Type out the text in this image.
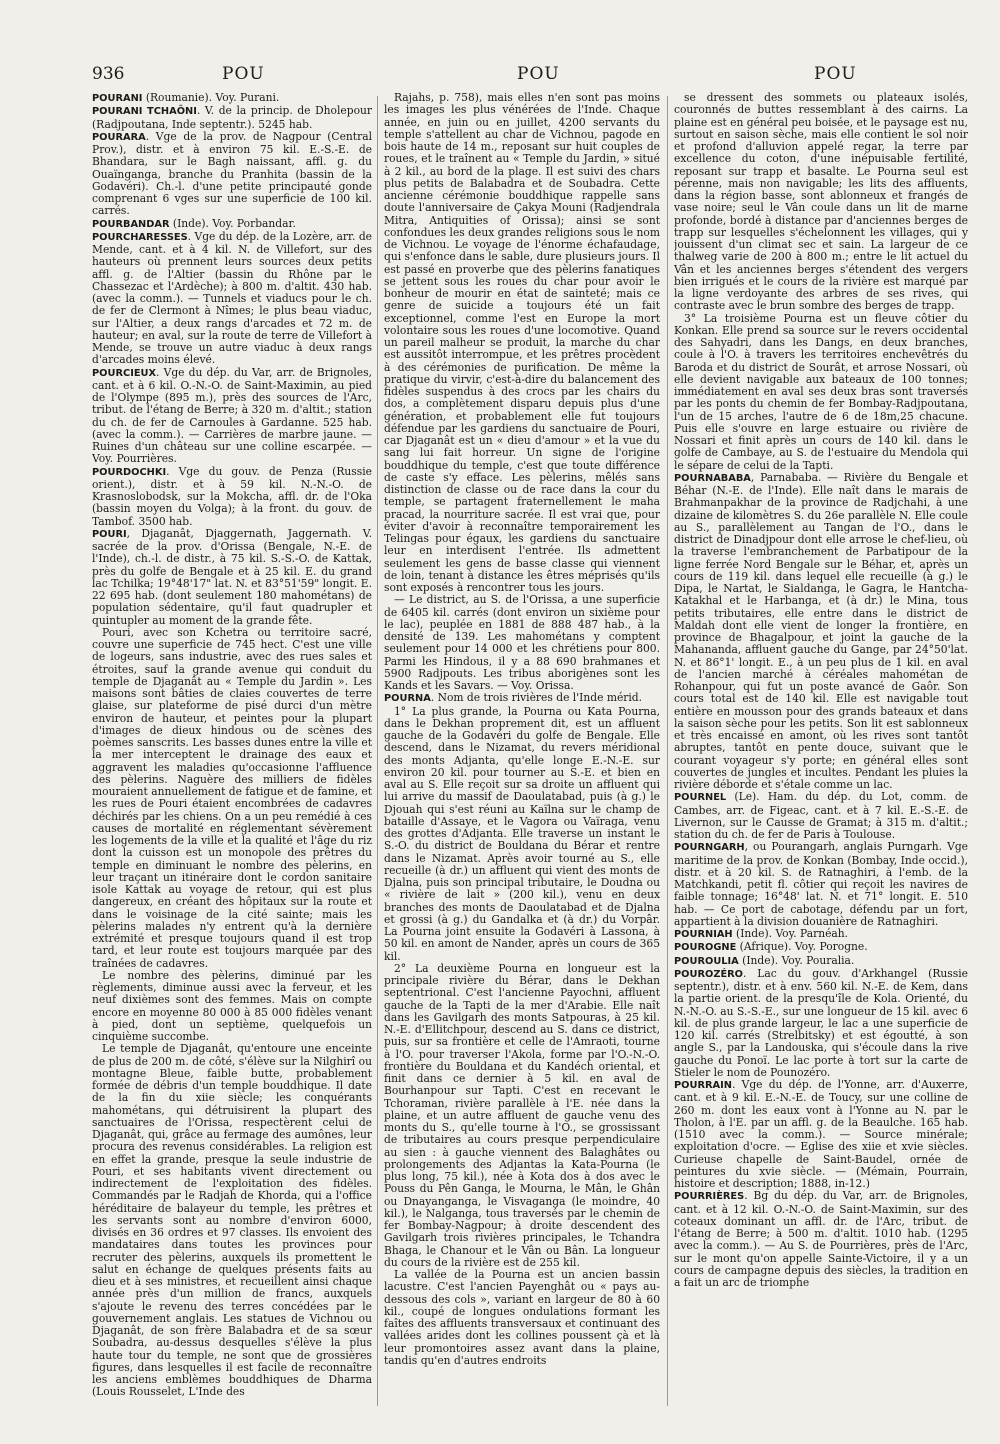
936	POU	POU	POU

POURANI (Roumanie). Voy. Purani.

POURANI TCHAÔNI. V. de la princip. de Dholepour (Radjpoutana, Inde septentr.). 5245 hab.

POURARA. Vge de la prov. de Nagpour (Central Prov.), distr. et à environ 75 kil. E.-S.-E. de Bhandara, sur le Bagh naissant, affl. g. du Ouaïnganga, branche du Pranhita (bassin de la Godavéri). Ch.-l. d'une petite principauté gonde comprenant 6 vges sur une superficie de 100 kil. carrés.

POURBANDAR (Inde). Voy. Porbandar.

POURCHARESSES. Vge du dép. de la Lozère, arr. de Mende, cant. et à 4 kil. N. de Villefort, sur des hauteurs où prennent leurs sources deux petits affl. g. de l'Altier (bassin du Rhône par le Chassezac et l'Ardèche); à 800 m. d'altit. 430 hab. (avec la comm.). — Tunnels et viaducs pour le ch. de fer de Clermont à Nîmes; le plus beau viaduc, sur l'Altier, a deux rangs d'arcades et 72 m. de hauteur; en aval, sur la route de terre de Villefort à Mende, se trouve un autre viaduc à deux rangs d'arcades moins élevé.

POURCIEUX. Vge du dép. du Var, arr. de Brignoles, cant. et à 6 kil. O.-N.-O. de Saint-Maximin, au pied de l'Olympe (895 m.), près des sources de l'Arc, tribut. de l'étang de Berre; à 320 m. d'altit.; station du ch. de fer de Carnoules à Gardanne. 525 hab. (avec la comm.). — Carrières de marbre jaune. — Ruines d'un château sur une colline escarpée. — Voy. Pourrières.

POURDOCHKI. Vge du gouv. de Penza (Russie orient.), distr. et à 59 kil. N.-N.-O. de Krasnoslobodsk, sur la Mokcha, affl. dr. de l'Oka (bassin moyen du Volga); à la front. du gouv. de Tambof. 3500 hab.

POURI, Djaganât, Djaggernath, Jaggernath. V. sacrée de la prov. d'Orissa (Bengale, N.-E. de l'Inde), ch.-l. de distr., à 75 kil. S.-S.-O. de Kattak, près du golfe de Bengale et à 25 kil. E. du grand lac Tchilka; 19°48'17" lat. N. et 83°51'59" longit. E. 22 695 hab. (dont seulement 180 mahométans) de population sédentaire, qu'il faut quadrupler et quintupler au moment de la grande fête.

Pouri, avec son Kchetra ou territoire sacré, couvre une superficie de 745 hect. C'est une ville de logeurs, sans industrie, avec des rues sales et étroites, sauf la grande avenue qui conduit du temple de Djaganât au « Temple du Jardin ». Les maisons sont bâties de claies couvertes de terre glaise, sur plateforme de pisé durci d'un mètre environ de hauteur, et peintes pour la plupart d'images de dieux hindous ou de scènes des poèmes sanscrits. Les basses dunes entre la ville et la mer interceptent le drainage des eaux et aggravent les maladies qu'occasionne l'affluence des pèlerins. Naguère des milliers de fidèles mouraient annuellement de fatigue et de famine, et les rues de Pouri étaient encombrées de cadavres déchirés par les chiens. On a un peu remédié à ces causes de mortalité en réglementant sévèrement les logements de la ville et la qualité et l'âge du riz dont la cuisson est un monopole des prêtres du temple en diminuant le nombre des pèlerins, en leur traçant un itinéraire dont le cordon sanitaire isole Kattak au voyage de retour, qui est plus dangereux, en créant des hôpitaux sur la route et dans le voisinage de la cité sainte; mais les pèlerins malades n'y entrent qu'à la dernière extrémité et presque toujours quand il est trop tard, et leur route est toujours marquée par des traînées de cadavres.

Le nombre des pèlerins, diminué par les règlements, diminue aussi avec la ferveur, et les neuf dixièmes sont des femmes. Mais on compte encore en moyenne 80 000 à 85 000 fidèles venant à pied, dont un septième, quelquefois un cinquième succombe.

Le temple de Djaganât, qu'entoure une enceinte de plus de 200 m. de côté, s'élève sur la Nilghirî ou montagne Bleue, faible butte, probablement formée de débris d'un temple bouddhique. Il date de la fin du xiie siècle; les conquérants mahométans, qui détruisirent la plupart des sanctuaires de l'Orissa, respectèrent celui de Djaganât, qui, grâce au fermage des aumônes, leur procura des revenus considérables. La religion est en effet la grande, presque la seule industrie de Pouri, et ses habitants vivent directement ou indirectement de l'exploitation des fidèles. Commandés par le Radjah de Khorda, qui a l'office héréditaire de balayeur du temple, les prêtres et les servants sont au nombre d'environ 6000, divisés en 36 ordres et 97 classes. Ils envoient des mandataires dans toutes les provinces pour recruter des pèlerins, auxquels ils promettent le salut en échange de quelques présents faits au dieu et à ses ministres, et recueillent ainsi chaque année près d'un million de francs, auxquels s'ajoute le revenu des terres concédées par le gouvernement anglais. Les statues de Vichnou ou Djaganât, de son frère Balabadra et de sa sœur Soubadra, au-dessus desquelles s'élève la plus haute tour du temple, ne sont que de grossières figures, dans lesquelles il est facile de reconnaître les anciens emblèmes bouddhiques de Dharma (Louis Rousselet, L'Inde des

Rajahs, p. 758), mais elles n'en sont pas moins les images les plus vénérées de l'Inde. Chaque année, en juin ou en juillet, 4200 servants du temple s'attellent au char de Vichnou, pagode en bois haute de 14 m., reposant sur huit couples de roues, et le traînent au « Temple du Jardin, » situé à 2 kil., au bord de la plage. Il est suivi des chars plus petits de Balabadra et de Soubadra. Cette ancienne cérémonie bouddhique rappelle sans doute l'anniversaire de Çakya Mouni (Radjendrala Mitra, Antiquities of Orissa); ainsi se sont confondues les deux grandes religions sous le nom de Vichnou. Le voyage de l'énorme échafaudage, qui s'enfonce dans le sable, dure plusieurs jours. Il est passé en proverbe que des pèlerins fanatiques se jettent sous les roues du char pour avoir le bonheur de mourir en état de sainteté; mais ce genre de suicide a toujours été un fait exceptionnel, comme l'est en Europe la mort volontaire sous les roues d'une locomotive. Quand un pareil malheur se produit, la marche du char est aussitôt interrompue, et les prêtres procèdent à des cérémonies de purification. De même la pratique du virvir, c'est-à-dire du balancement des fidèles suspendus à des crocs par les chairs du dos, a complètement disparu depuis plus d'une génération, et probablement elle fut toujours défendue par les gardiens du sanctuaire de Pouri, car Djaganât est un « dieu d'amour » et la vue du sang lui fait horreur. Un signe de l'origine bouddhique du temple, c'est que toute différence de caste s'y efface. Les pèlerins, mêlés sans distinction de classe ou de race dans la cour du temple, se partagent fraternellement le maha pracad, la nourriture sacrée. Il est vrai que, pour éviter d'avoir à reconnaître temporairement les Telingas pour égaux, les gardiens du sanctuaire leur en interdisent l'entrée. Ils admettent seulement les gens de basse classe qui viennent de loin, tenant à distance les êtres méprisés qu'ils sont exposés à rencontrer tous les jours.

— Le district, au S. de l'Orissa, a une superficie de 6405 kil. carrés (dont environ un sixième pour le lac), peuplée en 1881 de 888 487 hab., à la densité de 139. Les mahométans y comptent seulement pour 14 000 et les chrétiens pour 800. Parmi les Hindous, il y a 88 690 brahmanes et 5900 Radjpouts. Les tribus aborigènes sont les Kands et les Savars. — Voy. Orissa.

POURNA. Nom de trois rivières de l'Inde mérid.

1° La plus grande, la Pourna ou Kata Pourna, dans le Dekhan proprement dit, est un affluent gauche de la Godavéri du golfe de Bengale. Elle descend, dans le Nizamat, du revers méridional des monts Adjanta, qu'elle longe E.-N.-E. sur environ 20 kil. pour tourner au S.-E. et bien en aval au S. Elle reçoit sur sa droite un affluent qui lui arrive du massif de Daoulatabad, puis (à g.) le Djouah qui s'est réuni au Kaïlna sur le champ de bataille d'Assaye, et le Vagora ou Vaïraga, venu des grottes d'Adjanta. Elle traverse un instant le S.-O. du district de Bouldana du Bérar et rentre dans le Nizamat. Après avoir tourné au S., elle recueille (à dr.) un affluent qui vient des monts de Djalna, puis son principal tributaire, le Doudna ou « rivière de lait » (200 kil.), venu en deux branches des monts de Daoulatabad et de Djalna et grossi (à g.) du Gandalka et (à dr.) du Vorpâr. La Pourna joint ensuite la Godavéri à Lassona, à 50 kil. en amont de Nander, après un cours de 365 kil.

2° La deuxième Pourna en longueur est la principale rivière du Bérar, dans le Dekhan septentrional. C'est l'ancienne Payochni, affluent gauche de la Tapti de la mer d'Arabie. Elle naît dans les Gavilgarh des monts Satpouras, à 25 kil. N.-E. d'Ellitchpour, descend au S. dans ce district, puis, sur sa frontière et celle de l'Amraoti, tourne à l'O. pour traverser l'Akola, forme par l'O.-N.-O. frontière du Bouldana et du Kandéch oriental, et finit dans ce dernier à 5 kil. en aval de Bourhanpour sur Tapti. C'est en recevant le Tchoraman, rivière parallèle à l'E. née dans la plaine, et un autre affluent de gauche venu des monts du S., qu'elle tourne à l'O., se grossissant de tributaires au cours presque perpendiculaire au sien : à gauche viennent des Balaghâtes ou prolongements des Adjantas la Kata-Pourna (le plus long, 75 kil.), née à Kota dos à dos avec le Pouss du Pên Ganga, le Mourna, le Mân, le Ghân ou Dnayanganga, le Visvaganga (le moindre, 40 kil.), le Nalganga, tous traversés par le chemin de fer Bombay-Nagpour; à droite descendent des Gavilgarh trois rivières principales, le Tchandra Bhaga, le Chanour et le Vân ou Bân. La longueur du cours de la rivière est de 255 kil.

La vallée de la Pourna est un ancien bassin lacustre. C'est l'ancien Payenghât ou « pays au-dessous des cols », variant en largeur de 80 à 60 kil., coupé de longues ondulations formant les faîtes des affluents transversaux et continuant des vallées arides dont les collines poussent çà et là leur promontoires assez avant dans la plaine, tandis qu'en d'autres endroits

se dressent des sommets ou plateaux isolés, couronnés de buttes ressemblant à des cairns. La plaine est en général peu boisée, et le paysage est nu, surtout en saison sèche, mais elle contient le sol noir et profond d'alluvion appelé regar, la terre par excellence du coton, d'une inépuisable fertilité, reposant sur trapp et basalte. Le Pourna seul est pérenne, mais non navigable; les lits des affluents, dans la région basse, sont ablonneux et frangés de vase noire; seul le Vân coule dans un lit de marne profonde, bordé à distance par d'anciennes berges de trapp sur lesquelles s'échelonnent les villages, qui y jouissent d'un climat sec et sain. La largeur de ce thalweg varie de 200 à 800 m.; entre le lit actuel du Vân et les anciennes berges s'étendent des vergers bien irrigués et le cours de la rivière est marqué par la ligne verdoyante des arbres de ses rives, qui contraste avec le brun sombre des berges de trapp.

3° La troisième Pourna est un fleuve côtier du Konkan. Elle prend sa source sur le revers occidental des Sahyadri, dans les Dangs, en deux branches, coule à l'O. à travers les territoires enchevêtrés du Baroda et du district de Sourât, et arrose Nossari, où elle devient navigable aux bateaux de 100 tonnes; immédiatement en aval ses deux bras sont traversés par les ponts du chemin de fer Bombay-Radjpoutana, l'un de 15 arches, l'autre de 6 de 18m,25 chacune. Puis elle s'ouvre en large estuaire ou rivière de Nossari et finit après un cours de 140 kil. dans le golfe de Cambaye, au S. de l'estuaire du Mendola qui le sépare de celui de la Tapti.

POURNABABA, Parnababa. — Rivière du Bengale et Béhar (N.-E. de l'Inde). Elle naît dans le marais de Brahmanpakhar de la province de Radjchahi, à une dizaine de kilomètres S. du 26e parallèle N. Elle coule au S., parallèlement au Tangan de l'O., dans le district de Dinadjpour dont elle arrose le chef-lieu, où la traverse l'embranchement de Parbatipour de la ligne ferrée Nord Bengale sur le Béhar, et, après un cours de 119 kil. dans lequel elle recueille (à g.) le Dipa, le Nartat, le Sialdanga, le Gagra, le Hantcha-Katakhal et le Harbanga, et (à dr.) le Mina, tous petits tributaires, elle entre dans le district de Maldah dont elle vient de longer la frontière, en province de Bhagalpour, et joint la gauche de la Mahananda, affluent gauche du Gange, par 24°50'lat. N. et 86°1' longit. E., à un peu plus de 1 kil. en aval de l'ancien marché à céréales mahométan de Rohanpour, qui fut un poste avancé de Gaôr. Son cours total est de 140 kil. Elle est navigable tout entière en mousson pour des grands bateaux et dans la saison sèche pour les petits. Son lit est sablonneux et très encaissé en amont, où les rives sont tantôt abruptes, tantôt en pente douce, suivant que le courant voyageur s'y porte; en général elles sont couvertes de jungles et incultes. Pendant les pluies la rivière déborde et s'étale comme un lac.

POURNEL (Le). Ham. du dép. du Lot, comm. de Cambes, arr. de Figeac, cant. et à 7 kil. E.-S.-E. de Livernon, sur le Causse de Gramat; à 315 m. d'altit.; station du ch. de fer de Paris à Toulouse.

POURNGARH, ou Pourangarh, anglais Purngarh. Vge maritime de la prov. de Konkan (Bombay, Inde occid.), distr. et à 20 kil. S. de Ratnaghiri, à l'emb. de la Matchkandi, petit fl. côtier qui reçoit les navires de faible tonnage; 16°48' lat. N. et 71° longit. E. 510 hab. — Ce port de cabotage, défendu par un fort, appartient à la division douanière de Ratnaghiri.

POURNIAH (Inde). Voy. Parnéah.

POUROGNE (Afrique). Voy. Porogne.

POUROULIA (Inde). Voy. Pouralia.

POUROZÉRO. Lac du gouv. d'Arkhangel (Russie septentr.), distr. et à env. 560 kil. N.-E. de Kem, dans la partie orient. de la presqu'île de Kola. Orienté, du N.-N.-O. au S.-S.-E., sur une longueur de 15 kil. avec 6 kil. de plus grande largeur, le lac a une superficie de 120 kil. carrés (Strelbitsky) et est égoutté, à son angle S., par la Landouska, qui s'écoule dans la rive gauche du Ponoï. Le lac porte à tort sur la carte de Stieler le nom de Pounozéro.

POURRAIN. Vge du dép. de l'Yonne, arr. d'Auxerre, cant. et à 9 kil. E.-N.-E. de Toucy, sur une colline de 260 m. dont les eaux vont à l'Yonne au N. par le Tholon, à l'E. par un affl. g. de la Beaulche. 165 hab. (1510 avec la comm.). — Source minérale; exploitation d'ocre. — Eglise des xiie et xvie siècles. Curieuse chapelle de Saint-Baudel, ornée de peintures du xvie siècle. — (Mémain, Pourrain, histoire et description; 1888, in-12.)

POURRIÈRES. Bg du dép. du Var, arr. de Brignoles, cant. et à 12 kil. O.-N.-O. de Saint-Maximin, sur des coteaux dominant un affl. dr. de l'Arc, tribut. de l'étang de Berre; à 500 m. d'altit. 1010 hab. (1295 avec la comm.). — Au S. de Pourrières, près de l'Arc, sur le mont qu'on appelle Sainte-Victoire, il y a un cours de campagne depuis des siècles, la tradition en a fait un arc de triomphe
